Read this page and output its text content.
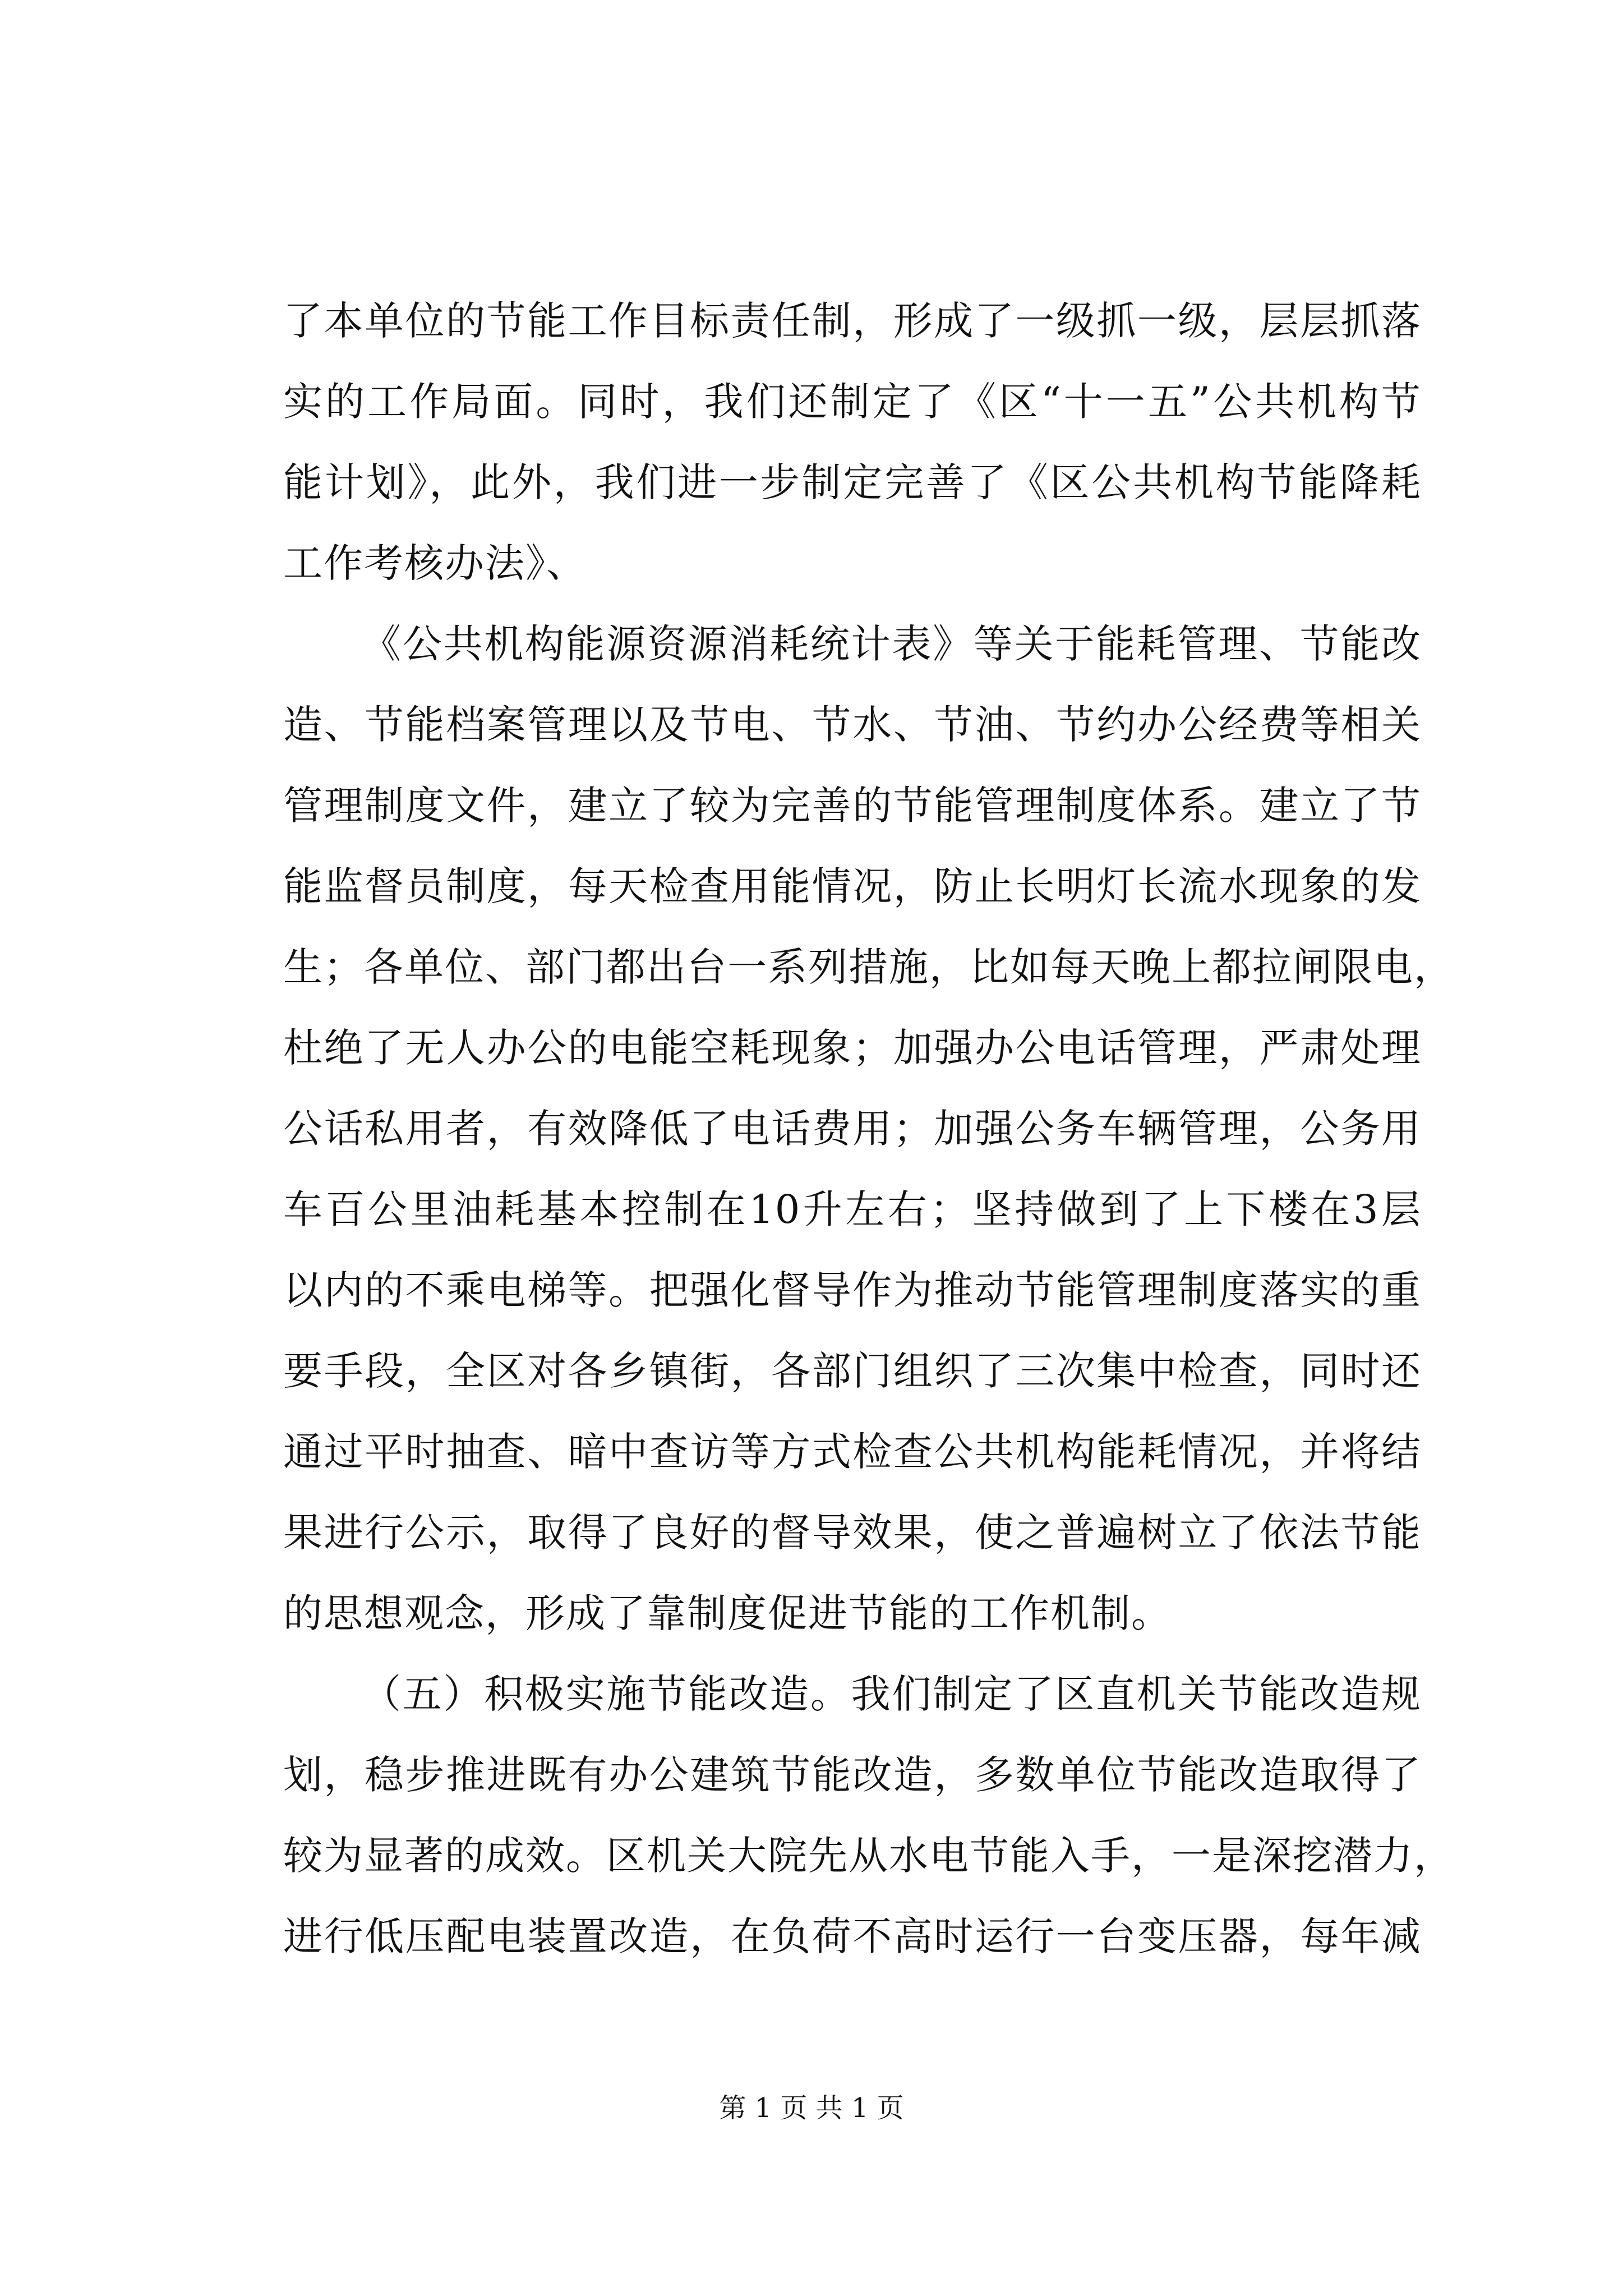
了本单位的节能工作目标责任制，形成了一级抓一级，层层抓落
实的工作局面。同时，我们还制定了《区“十一五”公共机构节
能计划》，此外，我们进一步制定完善了《区公共机构节能降耗
工作考核办法》、
《公共机构能源资源消耗统计表》等关于能耗管理、节能改
造、节能档案管理以及节电、节水、节油、节约办公经费等相关
管理制度文件，建立了较为完善的节能管理制度体系。建立了节
能监督员制度，每天检查用能情况，防止长明灯长流水现象的发
生；各单位、部门都出台一系列措施，比如每天晚上都拉闸限电，
杜绝了无人办公的电能空耗现象；加强办公电话管理，严肃处理
公话私用者，有效降低了电话费用；加强公务车辆管理，公务用
车百公里油耗基本控制在10升左右；坚持做到了上下楼在3层
以内的不乘电梯等。把强化督导作为推动节能管理制度落实的重
要手段，全区对各乡镇街，各部门组织了三次集中检查，同时还
通过平时抽查、暗中查访等方式检查公共机构能耗情况，并将结
果进行公示，取得了良好的督导效果，使之普遍树立了依法节能
的思想观念，形成了靠制度促进节能的工作机制。
（五）积极实施节能改造。我们制定了区直机关节能改造规
划，稳步推进既有办公建筑节能改造，多数单位节能改造取得了
较为显著的成效。区机关大院先从水电节能入手，一是深挖潜力，
进行低压配电装置改造，在负荷不高时运行一台变压器，每年减
第 1 页 共 1 页
